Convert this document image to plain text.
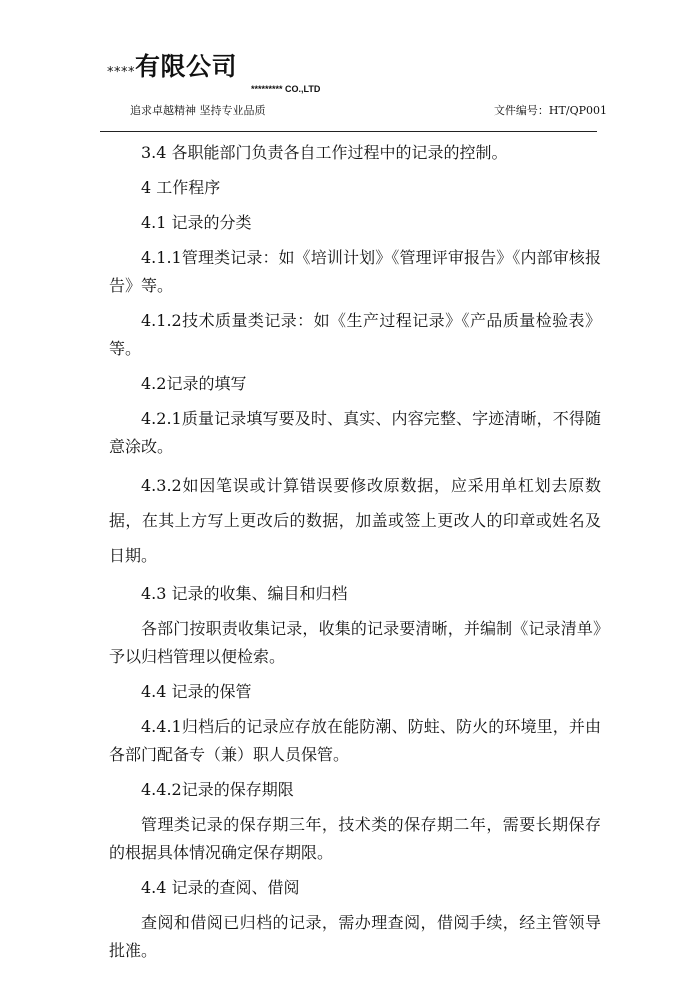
****有限公司
********* CO.,LTD
追求卓越精神 坚持专业品质	文件编号：HT/QP001

3.4 各职能部门负责各自工作过程中的记录的控制。

4 工作程序

4.1 记录的分类

4.1.1管理类记录：如《培训计划》《管理评审报告》《内部审核报告》等。

4.1.2技术质量类记录：如《生产过程记录》《产品质量检验表》等。

4.2记录的填写

4.2.1质量记录填写要及时、真实、内容完整、字迹清晰，不得随意涂改。

4.3.2如因笔误或计算错误要修改原数据，应采用单杠划去原数据，在其上方写上更改后的数据，加盖或签上更改人的印章或姓名及日期。

4.3 记录的收集、编目和归档

各部门按职责收集记录，收集的记录要清晰，并编制《记录清单》予以归档管理以便检索。

4.4 记录的保管

4.4.1归档后的记录应存放在能防潮、防蛀、防火的环境里，并由各部门配备专（兼）职人员保管。

4.4.2记录的保存期限

管理类记录的保存期三年，技术类的保存期二年，需要长期保存的根据具体情况确定保存期限。

4.4 记录的查阅、借阅

查阅和借阅已归档的记录，需办理查阅，借阅手续，经主管领导批准。
